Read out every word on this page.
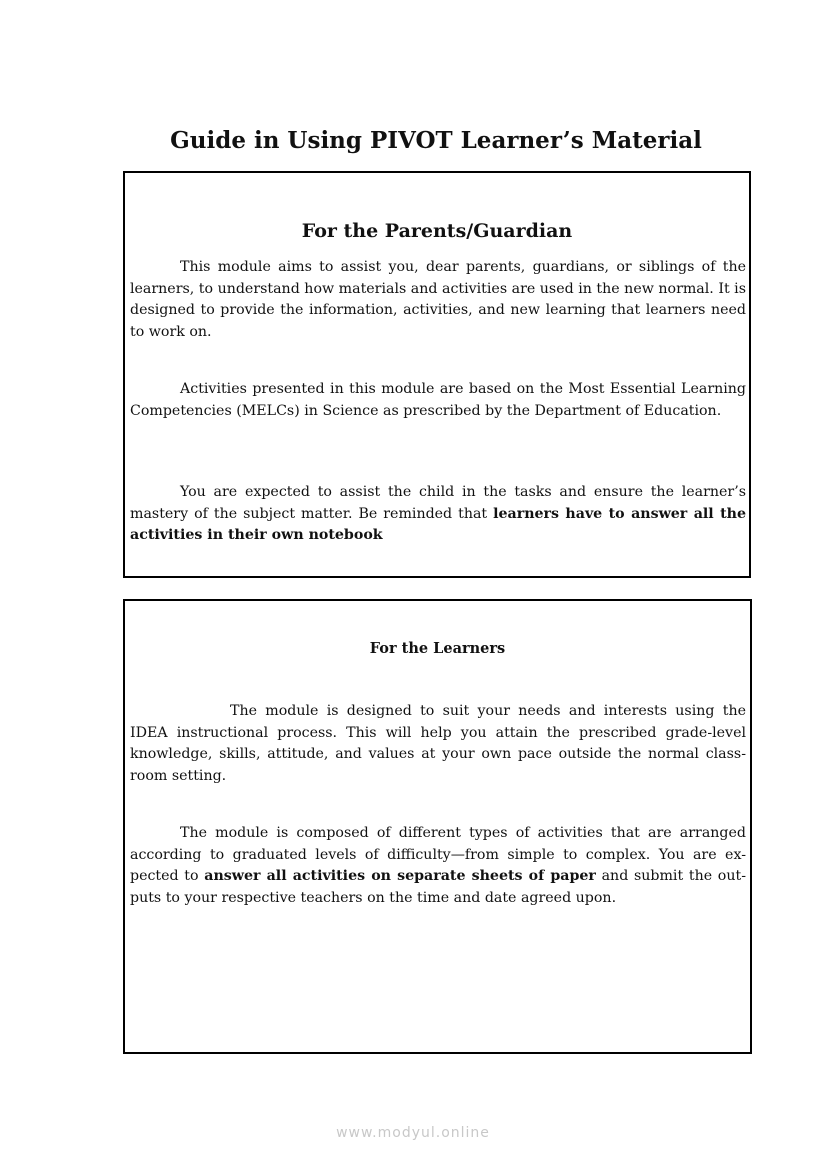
Guide in Using PIVOT Learner’s Material
For the Parents/Guardian

This module aims to assist you, dear parents, guardians, or siblings of the learners, to understand how materials and activities are used in the new normal. It is designed to provide the information, activities, and new learning that learners need to work on.

Activities presented in this module are based on the Most Essential Learning Competencies (MELCs) in Science as prescribed by the Department of Education.

You are expected to assist the child in the tasks and ensure the learner’s mastery of the subject matter. Be reminded that learners have to answer all the activities in their own notebook

For the Learners

The module is designed to suit your needs and interests using the IDEA instructional process. This will help you attain the prescribed grade-level knowledge, skills, attitude, and values at your own pace outside the normal class-room setting.

The module is composed of different types of activities that are arranged according to graduated levels of difficulty—from simple to complex. You are ex-pected to answer all activities on separate sheets of paper and submit the out-puts to your respective teachers on the time and date agreed upon.

www.modyul.online
